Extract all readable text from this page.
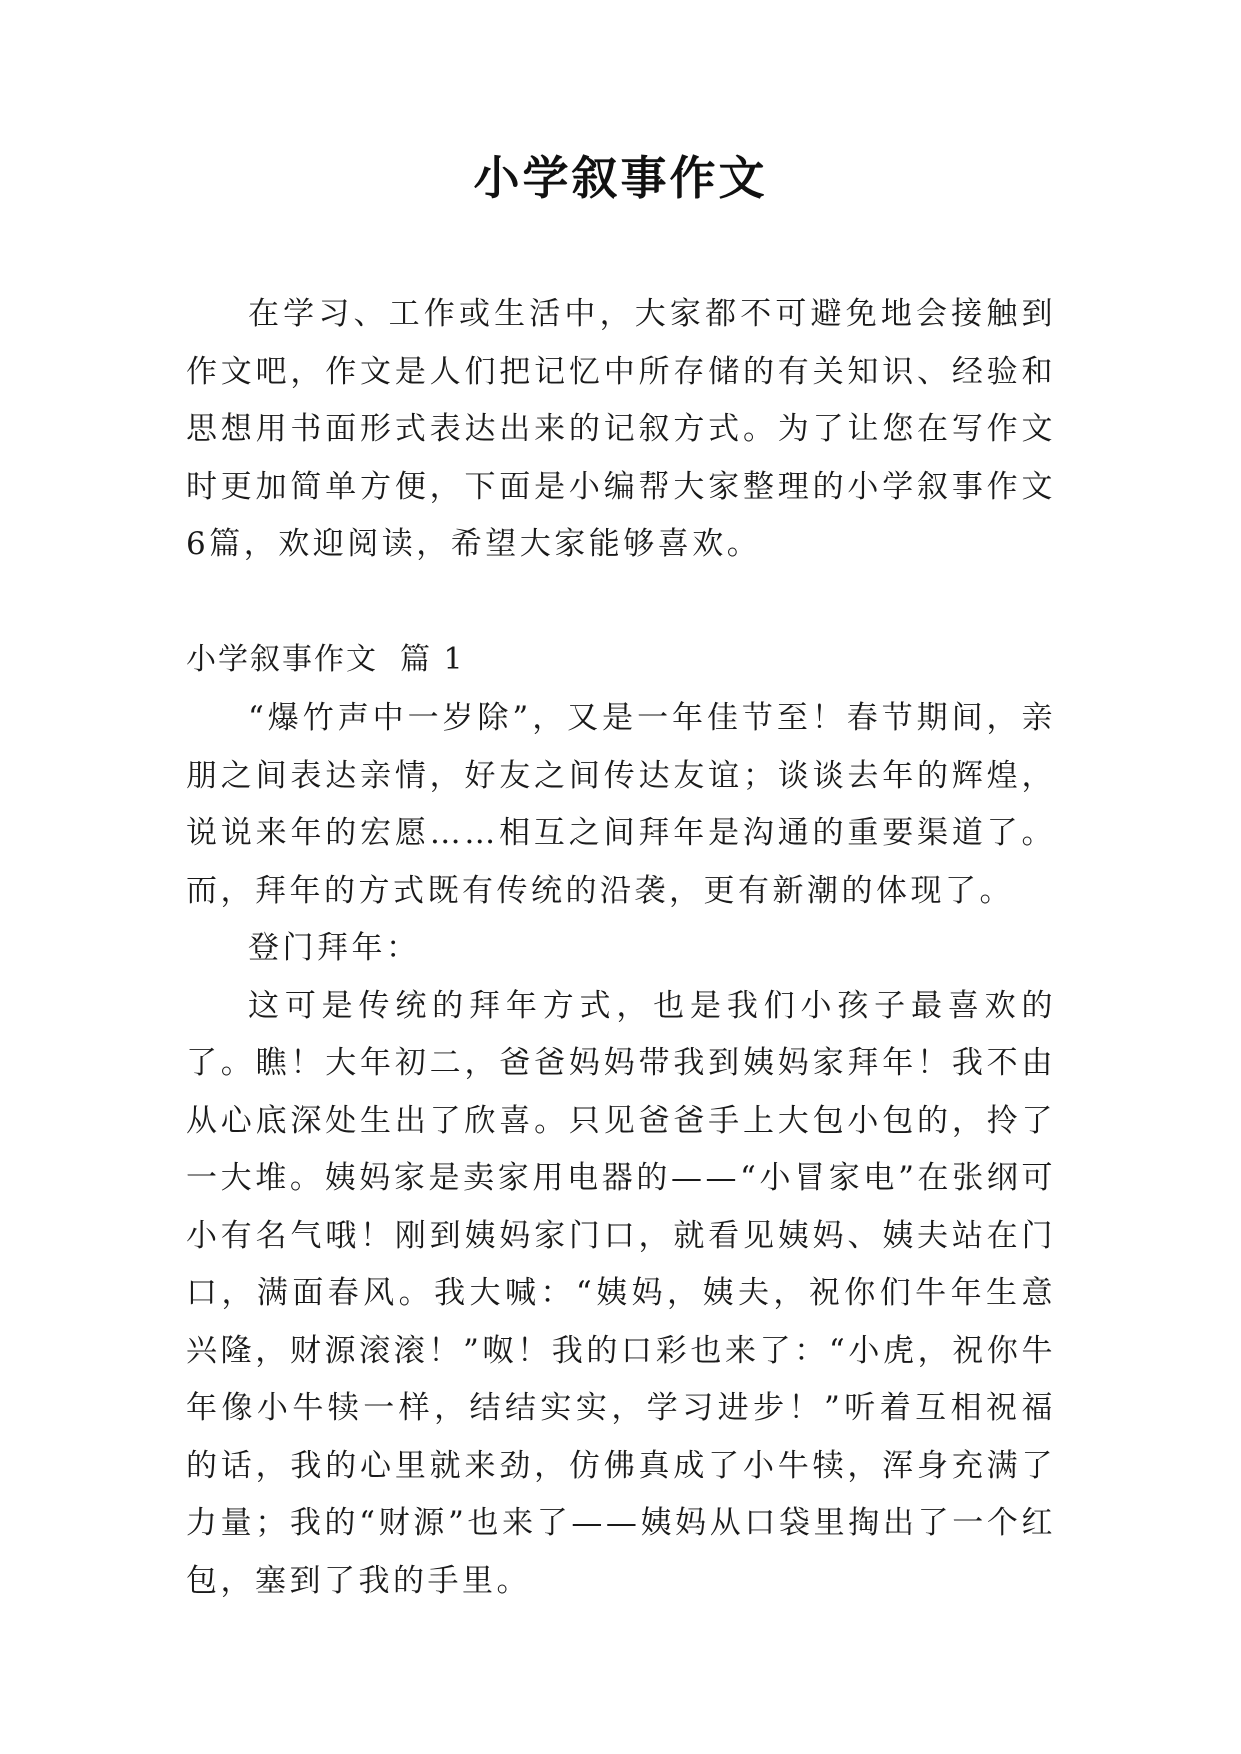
小学叙事作文

在学习、工作或生活中，大家都不可避免地会接触到作文吧，作文是人们把记忆中所存储的有关知识、经验和思想用书面形式表达出来的记叙方式。为了让您在写作文时更加简单方便，下面是小编帮大家整理的小学叙事作文6篇，欢迎阅读，希望大家能够喜欢。

小学叙事作文 篇 1

“爆竹声中一岁除”，又是一年佳节至！春节期间，亲朋之间表达亲情，好友之间传达友谊；谈谈去年的辉煌，说说来年的宏愿……相互之间拜年是沟通的重要渠道了。而，拜年的方式既有传统的沿袭，更有新潮的体现了。

登门拜年：

这可是传统的拜年方式，也是我们小孩子最喜欢的了。瞧！大年初二，爸爸妈妈带我到姨妈家拜年！我不由从心底深处生出了欣喜。只见爸爸手上大包小包的，拎了一大堆。姨妈家是卖家用电器的——“小冒家电”在张纲可小有名气哦！刚到姨妈家门口，就看见姨妈、姨夫站在门口，满面春风。我大喊：“姨妈，姨夫，祝你们牛年生意兴隆，财源滚滚！”呶！我的口彩也来了：“小虎，祝你牛年像小牛犊一样，结结实实，学习进步！”听着互相祝福的话，我的心里就来劲，仿佛真成了小牛犊，浑身充满了力量；我的“财源”也来了——姨妈从口袋里掏出了一个红包，塞到了我的手里。
